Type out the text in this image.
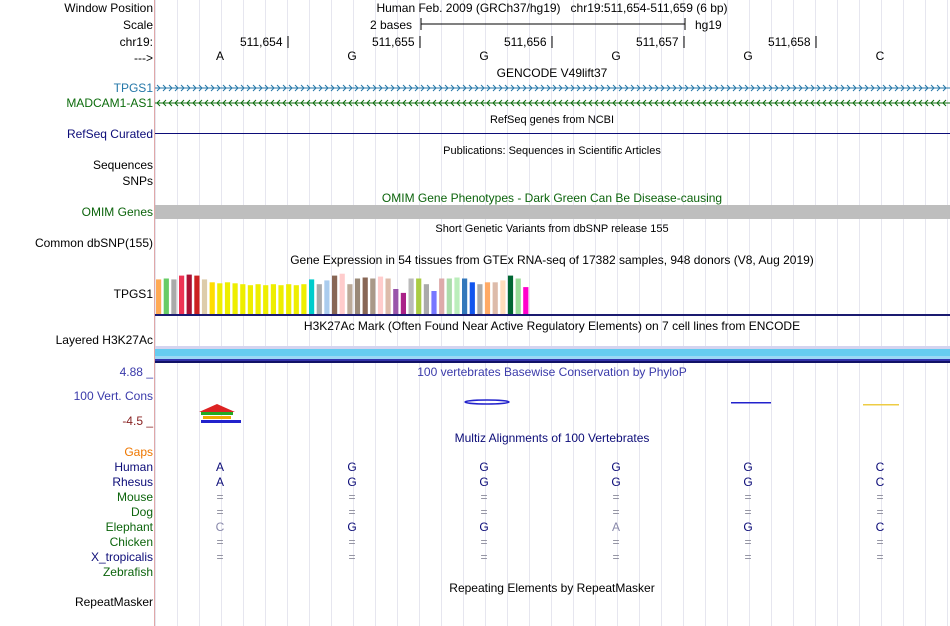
Window Position	Human Feb. 2009 (GRCh37/hg19)   chr19:511,654-511,659 (6 bp)
Scale	2 bases	hg19
chr19:	511,654	511,655	511,656	511,657	511,658
--->	A	G	G	G	G	C
GENCODE V49lift37
TPGS1
MADCAM1-AS1
RefSeq genes from NCBI
RefSeq Curated
Publications: Sequences in Scientific Articles
Sequences
SNPs
OMIM Gene Phenotypes - Dark Green Can Be Disease-causing
OMIM Genes
Short Genetic Variants from dbSNP release 155
Common dbSNP(155)
Gene Expression in 54 tissues from GTEx RNA-seq of 17382 samples, 948 donors (V8, Aug 2019)
TPGS1
H3K27Ac Mark (Often Found Near Active Regulatory Elements) on 7 cell lines from ENCODE
Layered H3K27Ac
4.88 _	100 vertebrates Basewise Conservation by PhyloP
100 Vert. Cons
-4.5 _
Multiz Alignments of 100 Vertebrates
Gaps
Human	A	G	G	G	G	C
Rhesus	A	G	G	G	G	C
Mouse	=	=	=	=	=	=
Dog	=	=	=	=	=	=
Elephant	C	G	G	A	G	C
Chicken	=	=	=	=	=	=
X_tropicalis	=	=	=	=	=	=
Zebrafish
Repeating Elements by RepeatMasker
RepeatMasker
